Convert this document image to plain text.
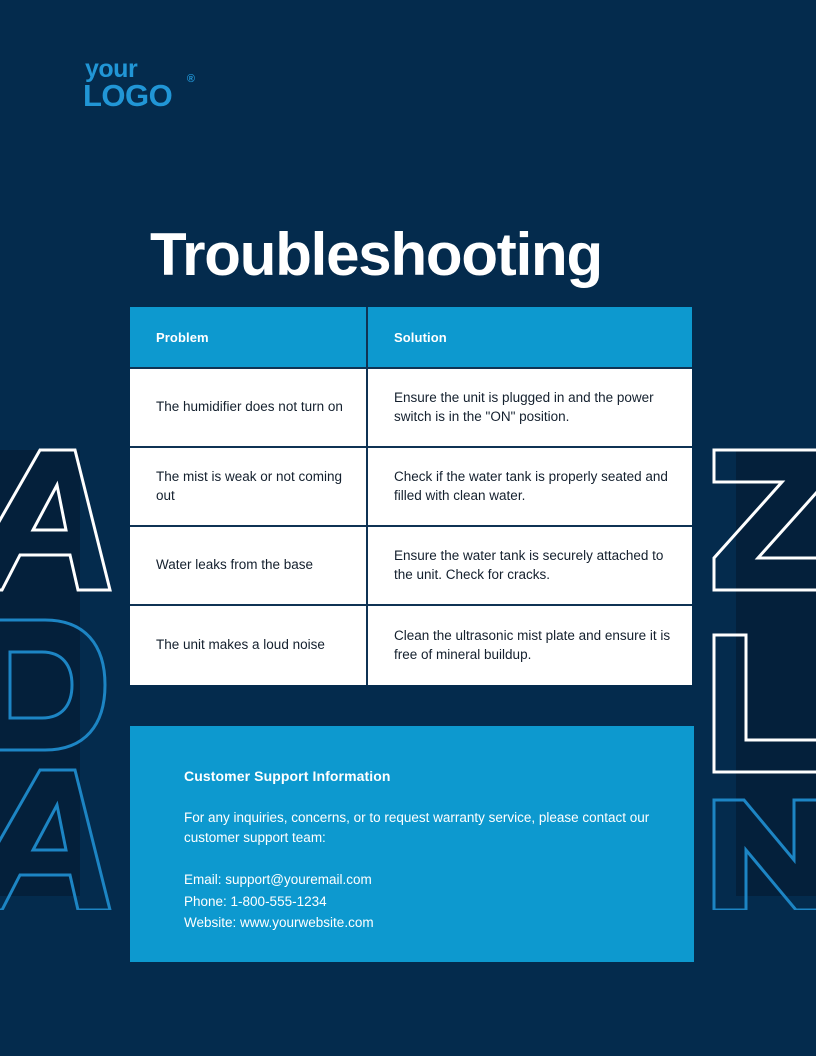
your
LOGO	®
Troubleshooting
Problem	Solution
The humidifier does not turn on
Ensure the unit is plugged in and the power switch is in the "ON" position.
The mist is weak or not coming out
Check if the water tank is properly seated and filled with clean water.
Water leaks from the base
Ensure the water tank is securely attached to the unit. Check for cracks.
The unit makes a loud noise
Clean the ultrasonic mist plate and ensure it is free of mineral buildup.
Customer Support Information
For any inquiries, concerns, or to request warranty service, please contact our customer support team:
Email: support@youremail.com
Phone: 1-800-555-1234
Website: www.yourwebsite.com
